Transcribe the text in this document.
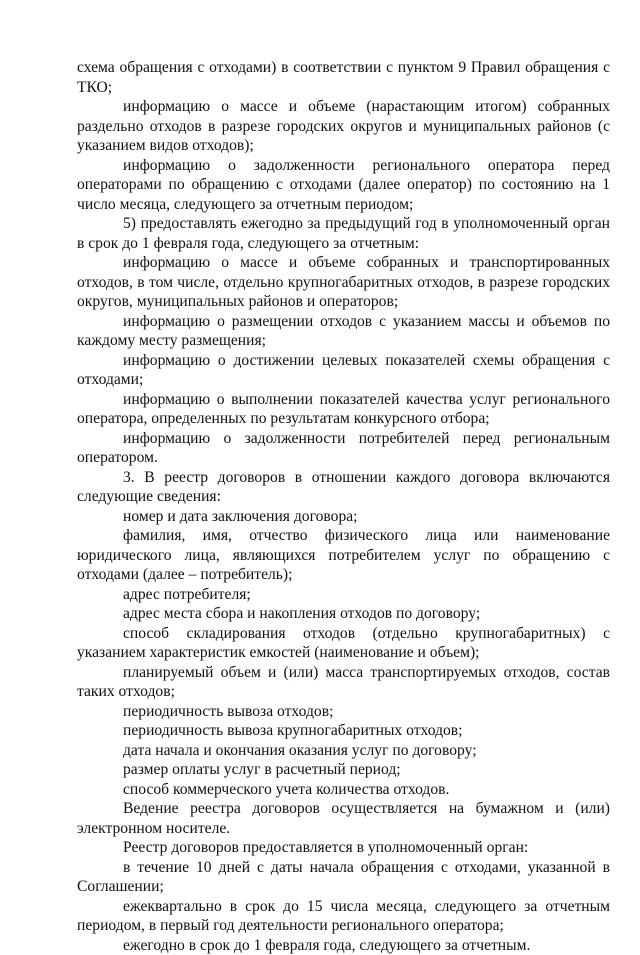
схема обращения с отходами) в соответствии с пунктом 9 Правил обращения с ТКО;

информацию о массе и объеме (нарастающим итогом) собранных раздельно отходов в разрезе городских округов и муниципальных районов (с указанием видов отходов);

информацию о задолженности регионального оператора перед операторами по обращению с отходами (далее оператор) по состоянию на 1 число месяца, следующего за отчетным периодом;

5) предоставлять ежегодно за предыдущий год в уполномоченный орган в срок до 1 февраля года, следующего за отчетным:

информацию о массе и объеме собранных и транспортированных отходов, в том числе, отдельно крупногабаритных отходов, в разрезе городских округов, муниципальных районов и операторов;

информацию о размещении отходов с указанием массы и объемов по каждому месту размещения;

информацию о достижении целевых показателей схемы обращения с отходами;

информацию о выполнении показателей качества услуг регионального оператора, определенных по результатам конкурсного отбора;

информацию о задолженности потребителей перед региональным оператором.

3. В реестр договоров в отношении каждого договора включаются следующие сведения:

номер и дата заключения договора;

фамилия, имя, отчество физического лица или наименование юридического лица, являющихся потребителем услуг по обращению с отходами (далее – потребитель);

адрес потребителя;

адрес места сбора и накопления отходов по договору;

способ складирования отходов (отдельно крупногабаритных) с указанием характеристик емкостей (наименование и объем);

планируемый объем и (или) масса транспортируемых отходов, состав таких отходов;

периодичность вывоза отходов;

периодичность вывоза крупногабаритных отходов;

дата начала и окончания оказания услуг по договору;

размер оплаты услуг в расчетный период;

способ коммерческого учета количества отходов.

Ведение реестра договоров осуществляется на бумажном и (или) электронном носителе.

Реестр договоров предоставляется в уполномоченный орган:

в течение 10 дней с даты начала обращения с отходами, указанной в Соглашении;

ежеквартально в срок до 15 числа месяца, следующего за отчетным периодом, в первый год деятельности регионального оператора;

ежегодно в срок до 1 февраля года, следующего за отчетным.
